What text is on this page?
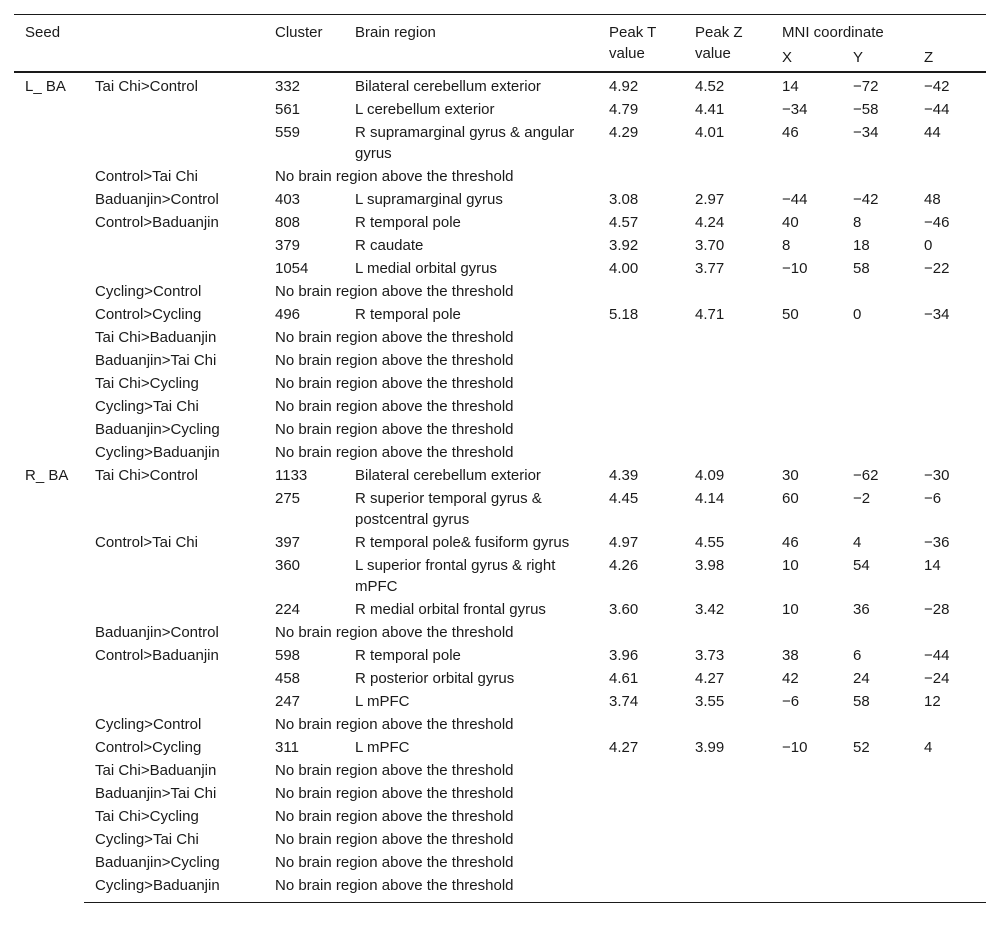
Seed		Cluster	Brain region	Peak T value	Peak Z value	MNI coordinate		
						X	Y	Z
L_ BA	Tai Chi>Control	332	Bilateral cerebellum exterior	4.92	4.52	14	−72	−42
		561	L cerebellum exterior	4.79	4.41	−34	−58	−44
		559	R supramarginal gyrus & angular gyrus	4.29	4.01	46	−34	44
	Control>Tai Chi	No brain region above the threshold						
	Baduanjin>Control	403	L supramarginal gyrus	3.08	2.97	−44	−42	48
	Control>Baduanjin	808	R temporal pole	4.57	4.24	40	8	−46
		379	R caudate	3.92	3.70	8	18	0
		1054	L medial orbital gyrus	4.00	3.77	−10	58	−22
	Cycling>Control	No brain region above the threshold						
	Control>Cycling	496	R temporal pole	5.18	4.71	50	0	−34
	Tai Chi>Baduanjin	No brain region above the threshold						
	Baduanjin>Tai Chi	No brain region above the threshold						
	Tai Chi>Cycling	No brain region above the threshold						
	Cycling>Tai Chi	No brain region above the threshold						
	Baduanjin>Cycling	No brain region above the threshold						
	Cycling>Baduanjin	No brain region above the threshold						
R_ BA	Tai Chi>Control	1133	Bilateral cerebellum exterior	4.39	4.09	30	−62	−30
		275	R superior temporal gyrus & postcentral gyrus	4.45	4.14	60	−2	−6
	Control>Tai Chi	397	R temporal pole& fusiform gyrus	4.97	4.55	46	4	−36
		360	L superior frontal gyrus & right mPFC	4.26	3.98	10	54	14
		224	R medial orbital frontal gyrus	3.60	3.42	10	36	−28
	Baduanjin>Control	No brain region above the threshold						
	Control>Baduanjin	598	R temporal pole	3.96	3.73	38	6	−44
		458	R posterior orbital gyrus	4.61	4.27	42	24	−24
		247	L mPFC	3.74	3.55	−6	58	12
	Cycling>Control	No brain region above the threshold						
	Control>Cycling	311	L mPFC	4.27	3.99	−10	52	4
	Tai Chi>Baduanjin	No brain region above the threshold						
	Baduanjin>Tai Chi	No brain region above the threshold						
	Tai Chi>Cycling	No brain region above the threshold						
	Cycling>Tai Chi	No brain region above the threshold						
	Baduanjin>Cycling	No brain region above the threshold						
	Cycling>Baduanjin	No brain region above the threshold						
